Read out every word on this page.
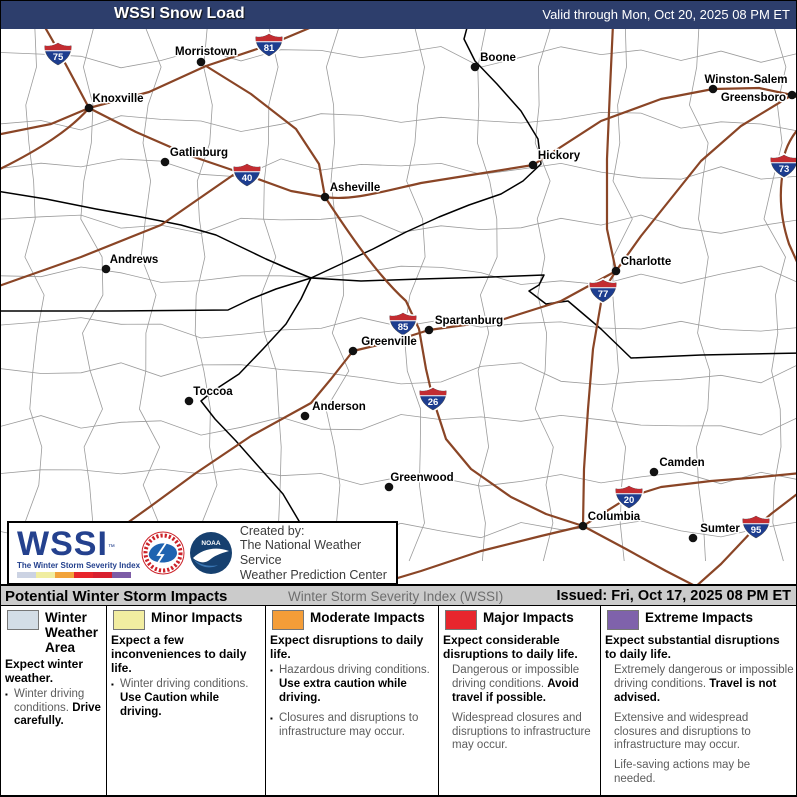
WSSI Snow Load	Valid through Mon, Oct 20, 2025 08 PM ET
75
81
40
73
77
85
26
20
95
Morristown	Boone
Winston-Salem
Greensboro
Knoxville
Gatlinburg	Hickory
Asheville
Charlotte
Andrews
Spartanburg
Greenville
Toccoa
Anderson
Greenwood
Camden
Columbia
Sumter
WSSI™
The Winter Storm Severity Index
NOAA
Created by:
The National Weather Service
Weather Prediction Center
Potential Winter Storm Impacts	Winter Storm Severity Index (WSSI)	Issued: Fri, Oct 17, 2025 08 PM ET
Winter Weather Area
Expect winter weather.
▪ Winter driving conditions. Drive carefully.
Minor Impacts
Expect a few inconveniences to daily life.
▪ Winter driving conditions. Use Caution while driving.
Moderate Impacts
Expect disruptions to daily life.
▪ Hazardous driving conditions. Use extra caution while driving.
▪ Closures and disruptions to infrastructure may occur.
Major Impacts
Expect considerable disruptions to daily life.
Dangerous or impossible driving conditions. Avoid travel if possible.
Widespread closures and disruptions to infrastructure may occur.
Extreme Impacts
Expect substantial disruptions to daily life.
Extremely dangerous or impossible driving conditions. Travel is not advised.
Extensive and widespread closures and disruptions to infrastructure may occur.
Life-saving actions may be needed.
